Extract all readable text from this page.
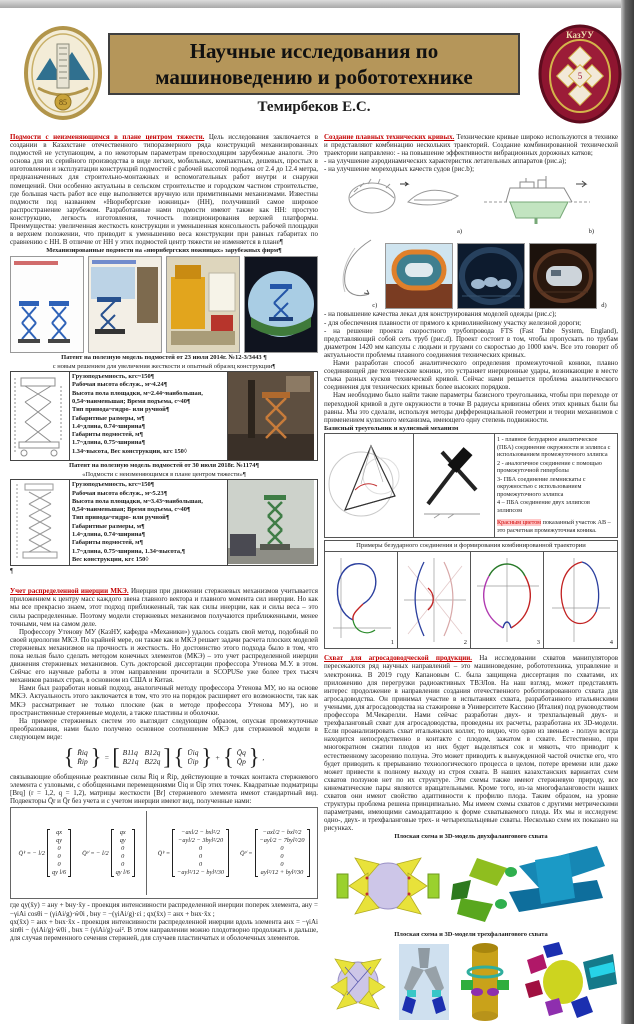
85
Научные исследования по
машиноведению и робототехнике
Темирбеков Е.С.
КазУУ
5

Подмости с неизменяющимся в плане центром тяжести. Цель исследования заключается в создании в Казахстане отечественного типоразмерного ряда конструкций механизированных подмостей не уступающим, а по некоторым параметрам превосходящим зарубежные аналоги. Это основа для их серийного производства в виде легких, мобильных, компактных, дешевых, простых в изготовлении и эксплуатации конструкций подмостей с рабочей высотой подъема от 2.4 до 12.4 метра, предназначенных для строительно-монтажных и вспомогательных работ внутри и снаружи помещений. Они особенно актуальны в сельском строительстве и городском частном строительстве, где большая часть работ все еще выполняется вручную или примитивными механизмами. Известны подмости под названием «Нюрнбергские ножницы» (НН), получивший самое широкое распространение зарубежом. Разработанные нами подмости имеют также как НН: простую конструкцию, легкость изготовления, точность позиционирования верхней платформы. Преимущества: увеличенная жесткость конструкции и уменьшенная консольность рабочей площадки в верхнем положении, что приводит к уменьшению веса конструкции при равных габаритах по сравнению с НН. В отличие от НН у этих подмостей центр тяжести не изменяется в плане¶

Механизированные подмости на «нюрнбергских ножницах» зарубежных фирм¶
Патент на полезную модель подмостей от 23 июля 2014г. №12-3/3443 ¶
с новым решением для увеличения жесткости и опытный образец конструкции¶
Грузоподъемность, кгс~150¶
Рабочая высота обслуж., м~4.24¶
Высота пола площадки, м~2.44~наибольшая, 0,54~наименьшая; Время подъема, с~40¶
Тип привода~гидро- или ручной¶
Габаритные размеры, м¶
1.4~длина, 0.74~ширина¶
Габариты подмостей, м¶
1.7~длина, 0.75~ширина¶
1.34~высота, Вес конструкции, кгс 150◊
Патент на полезную модель подмостей от 30 июля 2018г. №1174¶
«Подмости с неизменяющимся в плане центром тяжести»¶
Грузоподъемность, кгс~150¶
Рабочая высота обслуж., м~5.23¶
Высота пола площадки, м~3.43~наибольшая, 0,54~наименьшая; Время подъема, с~40¶
Тип привода~гидро- или ручной¶
Габаритные размеры, м¶
1.4~длина, 0.74~ширина¶
Габариты подмостей, м¶
1.7~длина, 0.75~ширина, 1.34~высота,¶
Вес конструкции, кгс 150◊
¶

Учет распределенной инерции МКЭ. Инерция при движении стержневых механизмов учитывается приложением к центру масс каждого звена главного вектора и главного момента сил инерции. Но как мы все прекрасно знаем, этот подход приближенный, так как силы инерции, как и силы веса – это силы распределенные. Поэтому модели стержневых механизмов получаются приближенными, менее точными, чем на самом деле.

Профессору Утенову МУ (КазНУ, кафедра «Механики») удалось создать свой метод, подобный по своей идеологии МКЭ. По крайней мере, он также как и МКЭ решает задачи расчета плоских моделей стержневых механизмов на прочность и жесткость. Но достоинство этого подхода было в том, что пока нельзя было сделать методом конечных элементов (МКЭ) – это учет распределенной инерции движения стержневых механизмов. Суть докторской диссертации профессора Утенова М.У. в этом. Сейчас его научные работы в этом направлении прочитали в SCOPUSе уже более трех тысяч механиков разных стран, в основном из США и Китая.

Нами был разработан новый подход, аналогичный методу профессора Утенова МУ, но на основе МКЭ. Актуальность этого заключается в том, что это на порядок расширяет его возможности, так как МКЭ рассматривает не только плоские (как в методе профессора Утенова МУ), но и пространственные стержневые модели, а также пластины и оболочки.

На примере стержневых систем это выглядит следующим образом, опуская промежуточные преобразования, нами было получено основное соотношение МКЭ для стержневой модели в следующем виде:

{ R̄iq
R̄ip } = [ B11q B12q
B21q B22q ] { Ūiq
Ūip } + { Q̄q
Q̄p } ,

связывающие обобщенные реактивные силы R̄iq и R̄ip, действующие в точках контакта стержневого элемента с узловыми, с обобщенными перемещениями Ūiq и Ūip этих точек. Квадратные подматрицы [Brq] (r = 1,2, q = 1,2), матрицы жесткости [Br] стержневого элемента имеют стандартный вид. Подвекторы Q̄r и Q̄r без учета и с учетом инерции имеют вид, полученные нами:

Q̄ⁱʲ = − l/2
qx
qy
0
0
0
qy l/6
Q̄ʲⁱ = − l/2
qx
qy
0
0
0
qy l/6
Q̄ⁱʲ =
−axl/2 − bxl²/2
−ayl/2 − 3byl²/20
0
0
0
−ayl²/12 − byl³/30
Q̄ʲⁱ =
−axl/2 − bxl²/2
−ayl/2 − 7byl²/20
0
0
0
ayl²/12 + byl³/30

где qy(x̄y) = aнy + bнy·x̄y - проекция интенсивности распределенной инерции поперек элемента, aнy = −γiAi cosθi − (γiAi/g)·ẅ0i , bнy = −(γiAi/g)·εi ; qx(x̄x) = aнx + bнx·x̄x ;

qx(x̄x) = aнx + bнx·x̄x - проекция интенсивности распределенной инерции вдоль элемента aнx = −γiAi sinθi − (γiAi/g)·ẅ0i , bнx = (γiAi/g)·ωi². В этом направлении можно плодотворно продолжать и дальше, для случая переменного сечения стержней, для случаев пластинчатых и оболочечных элементов.

Создание плавных технических кривых. Технические кривые широко используются в технике и представляют комбинацию нескольких траекторий. Создание комбинированной технической траектории направлено: - на повышение эффективности вибрационных дорожных катков;

- на улучшение аэродинамических характеристик летательных аппаратов (рис.а);

- на улучшение мореходных качеств судов (рис.b);

a)	b)
c)	d)

- на повышение качества лекал для конструирования моделей одежды (рис.с);

- для обеспечения плавности от прямого к криволинейному участку железной дороги;

- на решение проекта скоростного трубопровода FTS (Fast Tube System, England), представляющий собой сеть труб (рис.d). Проект состоит в том, чтобы пропускать по трубам диаметром 1420 мм капсулы с людьми и грузами со скоростью до 1000 км/ч. Все это говорит об актуальности проблемы плавного соединения технических кривых.

Нами разработан способ аналитического определения промежуточной коники, плавно соединяющей две технические коники, это устраняет инерционные удары, возникающие в месте стыка разных кусков технической кривой. Сейчас нами решается проблема аналитического соединения для технических кривых более высоких порядков.

Нам необходимо было найти такие параметры базисного треугольника, чтобы при переходе от переходной кривой в дуге окружности в точке В радиусы кривизны обеих этих кривых были бы равны. Мы это сделали, используя методы дифференциальной геометрии и теории механизмов с применением кулисного механизма, имеющего одну степень подвижности.

Базисный треугольник и кулисный механизм
1 - плавное безударное аналитическое (ПБА) соединение окружности и эллипса с использованием промежуточного эллипса
2 - аналогичное соединение с помощью промежуточной гиперболы
3- ПБА соединение лемнискаты с окружностью с использованием промежуточного эллипса
4 – ПБА соединение двух эллипсов эллипсом
Красным цветом показанный участок АВ – это расчетная промежуточная коника.
Примеры безударного соединения и формирования комбинированной траектории
1	2	3	4

Схват для агросадоводческой продукции. На исследовании схватов манипуляторов пересекаются ряд научных направлений – это машиноведение, робототехника, управление и электроника. В 2019 году Капановым С. была защищена диссертация по схватами, их приложению для перегрузки радиоактивных ТВЭЛов. На наш взгляд, может представлять интерес продолжение в направлении создания отечественного роботизированного схвата для агросадоводства. Он принимал участие в испытаниях схвата, разработанного итальянскими учеными, для агросадоводства на стажировке в Университете Кассино (Италия) под руководством профессора М.Чекарелли. Нами сейчас разработан двух- и трехпальцевый двух- и трехфаланговый схват для агросадоводства, проведены их расчеты, разработана их 3D-модели. Если проанализировать схват итальянских коллег, то видно, что одно из звеньев - ползун всегда находится непосредственно в контакте с плодом, зажатом в схвате. Естественно, при многократном сжатии плодов из них будет выделяться сок и мякоть, что приводит к естественному засорению ползуна. Это может приводить к вынужденной частой очистке его, что будет приводить к прерыванию технологического процесса в целом, потере времени или даже может привести к полному выходу из строя схвата. В наших казахстанских вариантах схем схватов ползунов нет по их структуре. Эти схемы также имеют стержневую природу, все кинематические пары являются вращательными. Кроме того, из-за многофаланговости наших схватов они имеют свойство адаптивности к профилю плода. Таким образом, на уровне структуры проблема решена принципиально. Мы имеем схемы схватов с другими метрическими параметрами, имеющими самоадаптацию к форме схватываемого плода. Их мы и исследуем: одно-, двух- и трехфаланговые трех- и четырехпальцевые схваты. Несколько схем их показано на рисунках.

Плоская схема и 3D-модель двухфалангового схвата
Плоская схема и 3D-модели трехфалангового схвата
